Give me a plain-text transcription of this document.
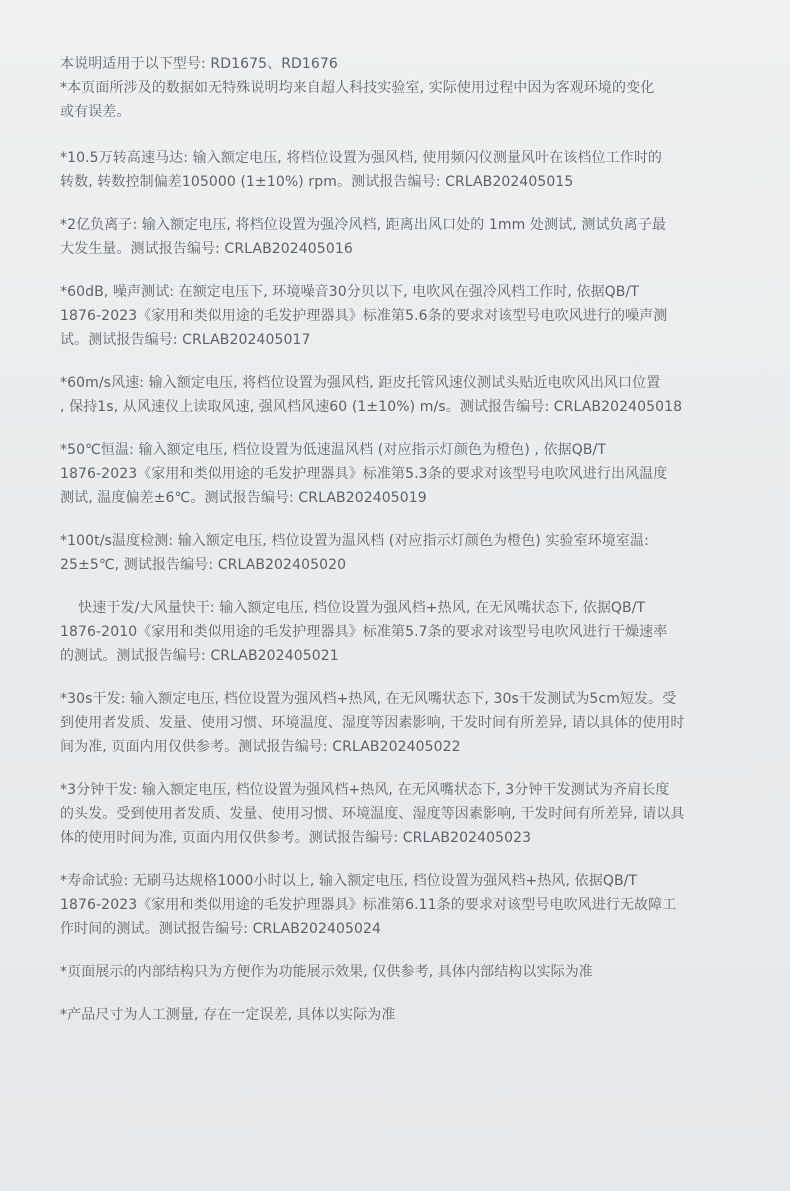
本说明适用于以下型号: RD1675、RD1676
*本页面所涉及的数据如无特殊说明均来自超人科技实验室, 实际使用过程中因为客观环境的变化
或有误差。

*10.5万转高速马达: 输入额定电压, 将档位设置为强风档, 使用频闪仪测量风叶在该档位工作时的
转数, 转数控制偏差105000 (1±10%) rpm。测试报告编号: CRLAB202405015

*2亿负离子: 输入额定电压, 将档位设置为强冷风档, 距离出风口处的 1mm 处测试, 测试负离子最
大发生量。测试报告编号: CRLAB202405016

*60dB, 噪声测试: 在额定电压下, 环境噪音30分贝以下, 电吹风在强冷风档工作时, 依据QB/T
1876-2023《家用和类似用途的毛发护理器具》标准第5.6条的要求对该型号电吹风进行的噪声测
试。测试报告编号: CRLAB202405017

*60m/s风速: 输入额定电压, 将档位设置为强风档, 距皮托管风速仪测试头贴近电吹风出风口位置
, 保持1s, 从风速仪上读取风速, 强风档风速60 (1±10%) m/s。测试报告编号: CRLAB202405018

*50℃恒温: 输入额定电压, 档位设置为低速温风档 (对应指示灯颜色为橙色) , 依据QB/T
1876-2023《家用和类似用途的毛发护理器具》标准第5.3条的要求对该型号电吹风进行出风温度
测试, 温度偏差±6℃。测试报告编号: CRLAB202405019

*100t/s温度检测: 输入额定电压, 档位设置为温风档 (对应指示灯颜色为橙色) 实验室环境室温:
25±5℃, 测试报告编号: CRLAB202405020

快速干发/大风量快干: 输入额定电压, 档位设置为强风档+热风, 在无风嘴状态下, 依据QB/T
1876-2010《家用和类似用途的毛发护理器具》标准第5.7条的要求对该型号电吹风进行干燥速率
的测试。测试报告编号: CRLAB202405021

*30s干发: 输入额定电压, 档位设置为强风档+热风, 在无风嘴状态下, 30s干发测试为5cm短发。受
到使用者发质、发量、使用习惯、环境温度、湿度等因素影响, 干发时间有所差异, 请以具体的使用时
间为准, 页面内用仅供参考。测试报告编号: CRLAB202405022

*3分钟干发: 输入额定电压, 档位设置为强风档+热风, 在无风嘴状态下, 3分钟干发测试为齐肩长度
的头发。受到使用者发质、发量、使用习惯、环境温度、湿度等因素影响, 干发时间有所差异, 请以具
体的使用时间为准, 页面内用仅供参考。测试报告编号: CRLAB202405023

*寿命试验: 无刷马达规格1000小时以上, 输入额定电压, 档位设置为强风档+热风, 依据QB/T
1876-2023《家用和类似用途的毛发护理器具》标准第6.11条的要求对该型号电吹风进行无故障工
作时间的测试。测试报告编号: CRLAB202405024

*页面展示的内部结构只为方便作为功能展示效果, 仅供参考, 具体内部结构以实际为准

*产品尺寸为人工测量, 存在一定误差, 具体以实际为准
